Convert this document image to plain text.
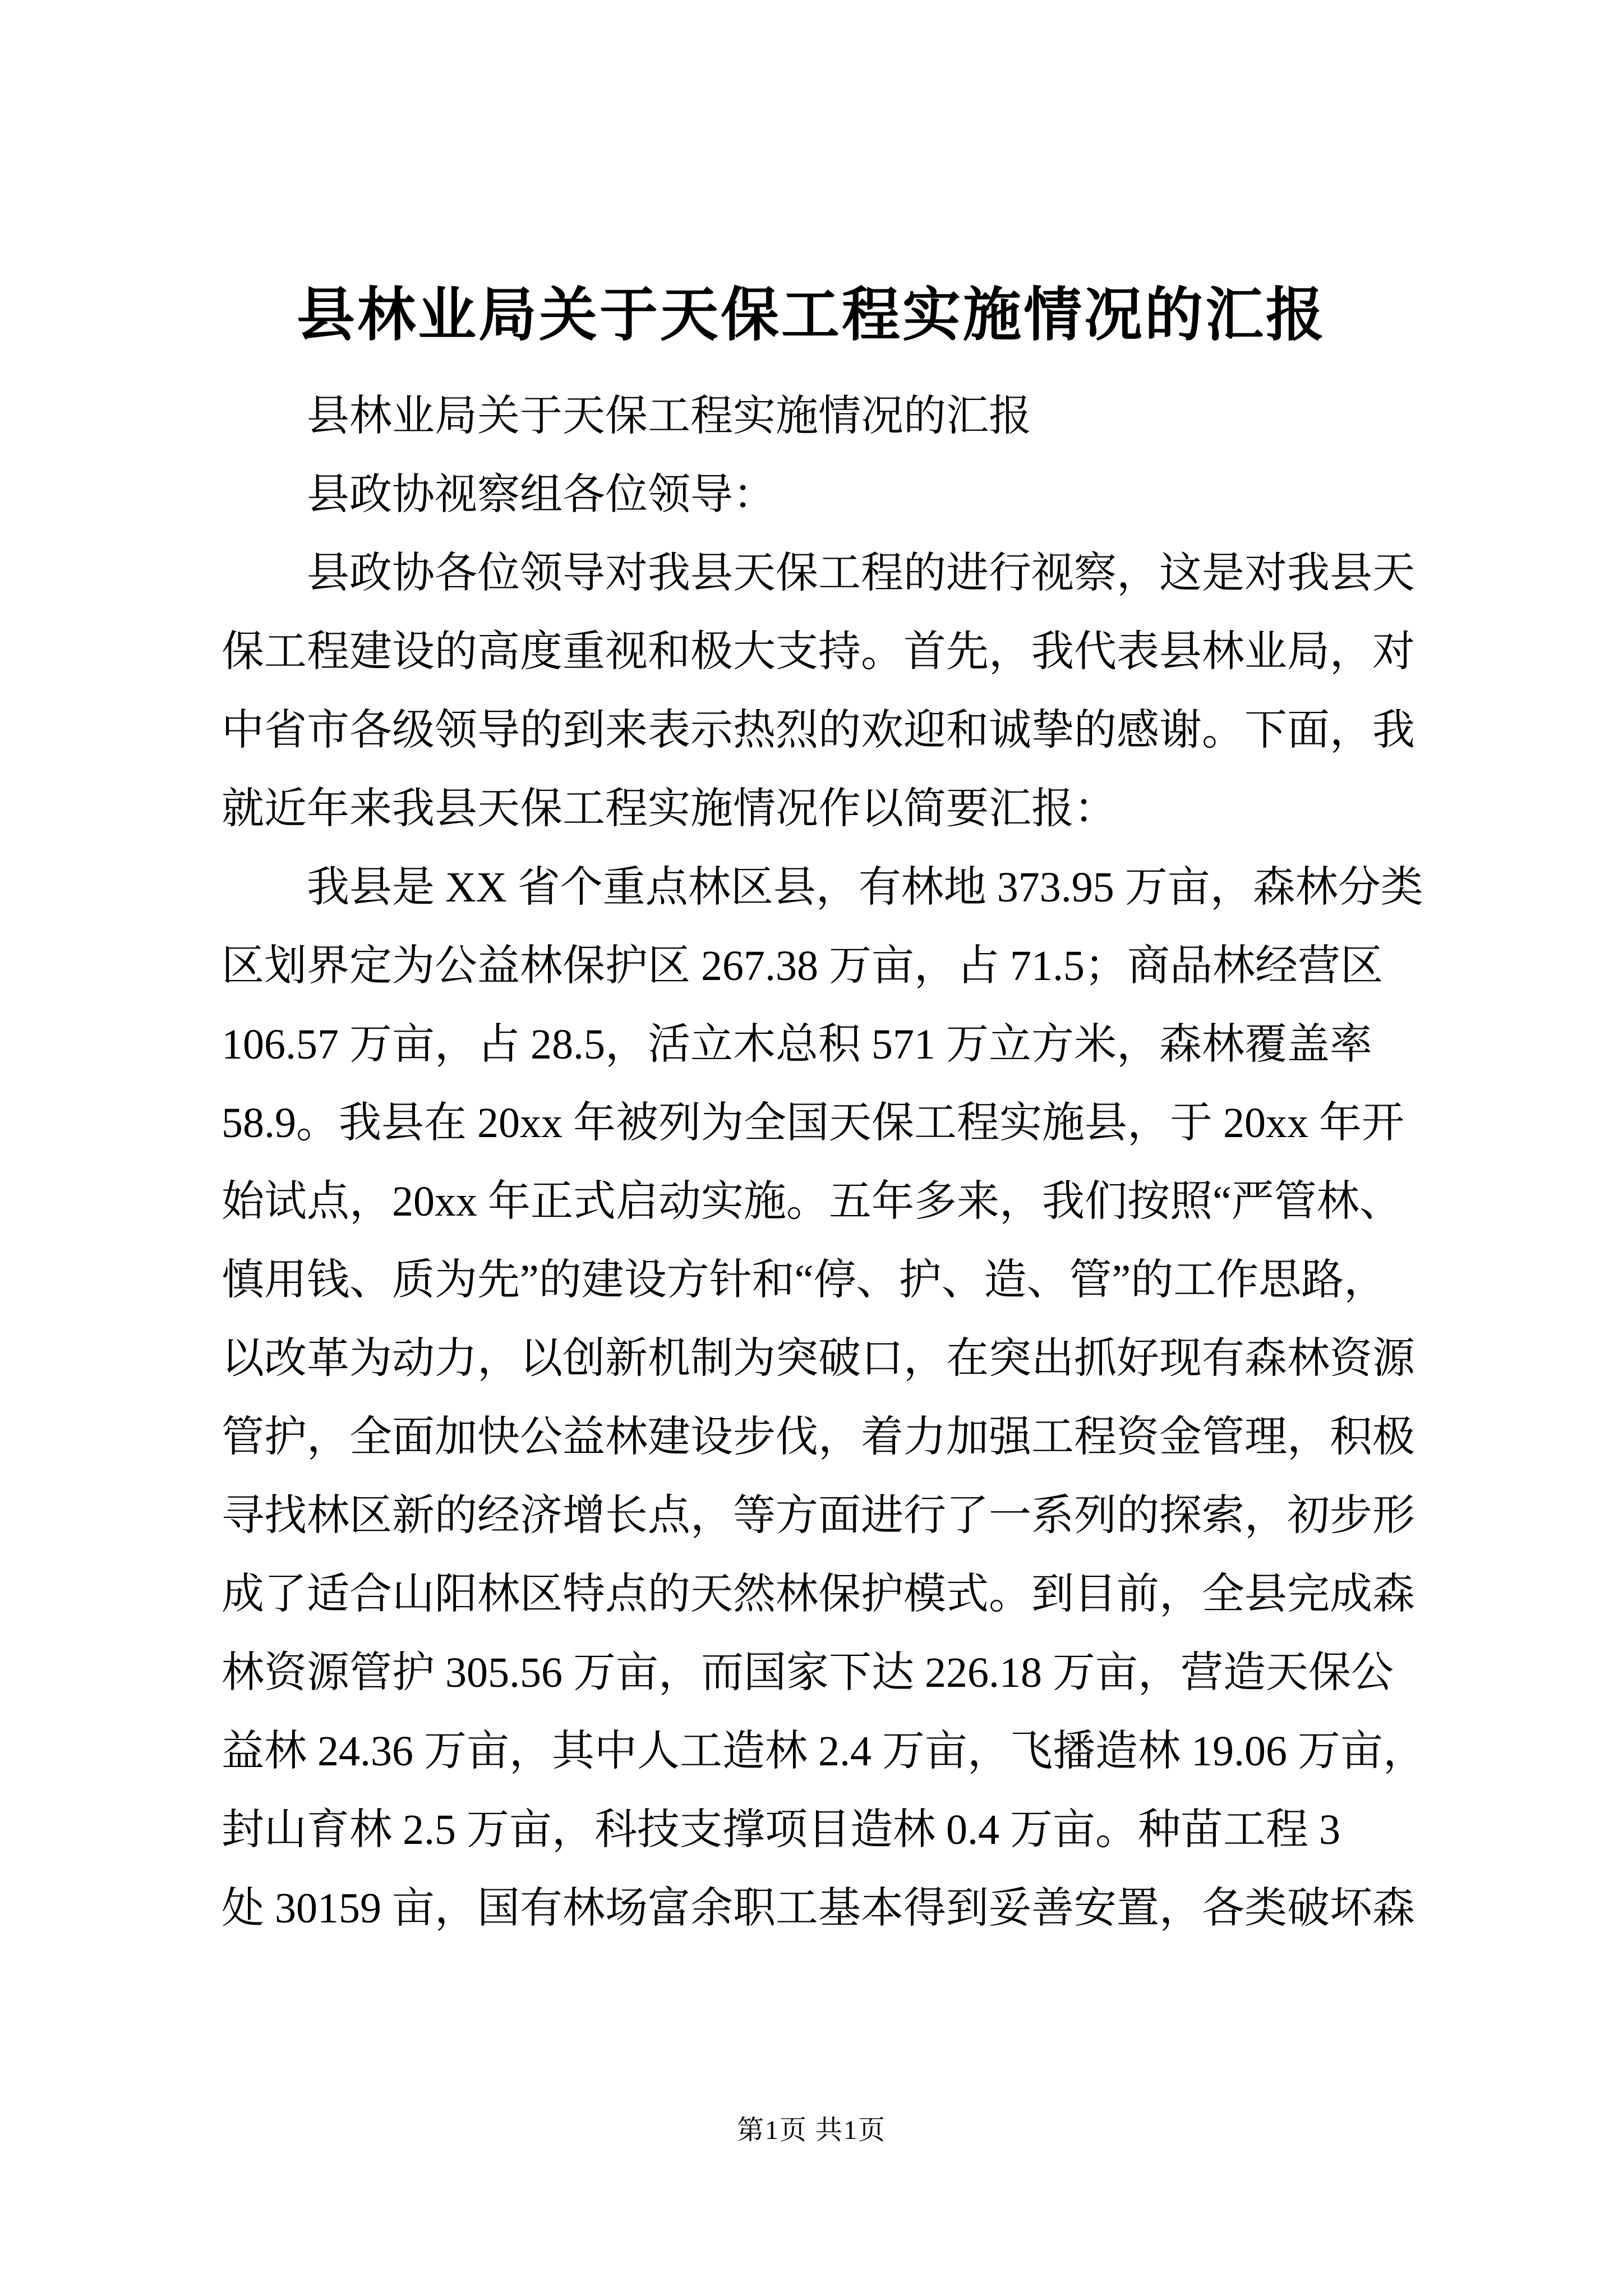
县林业局关于天保工程实施情况的汇报
县林业局关于天保工程实施情况的汇报
县政协视察组各位领导：
县政协各位领导对我县天保工程的进行视察，这是对我县天
保工程建设的高度重视和极大支持。首先，我代表县林业局，对
中省市各级领导的到来表示热烈的欢迎和诚挚的感谢。下面，我
就近年来我县天保工程实施情况作以简要汇报：
我县是 XX 省个重点林区县，有林地 373.95 万亩，森林分类
区划界定为公益林保护区 267.38 万亩，占 71.5；商品林经营区
106.57 万亩，占 28.5，活立木总积 571 万立方米，森林覆盖率
58.9。我县在 20xx 年被列为全国天保工程实施县，于 20xx 年开
始试点，20xx 年正式启动实施。五年多来，我们按照“严管林、
慎用钱、质为先”的建设方针和“停、护、造、管”的工作思路，
以改革为动力，以创新机制为突破口，在突出抓好现有森林资源
管护，全面加快公益林建设步伐，着力加强工程资金管理，积极
寻找林区新的经济增长点，等方面进行了一系列的探索，初步形
成了适合山阳林区特点的天然林保护模式。到目前，全县完成森
林资源管护 305.56 万亩，而国家下达 226.18 万亩，营造天保公
益林 24.36 万亩，其中人工造林 2.4 万亩，飞播造林 19.06 万亩，
封山育林 2.5 万亩，科技支撑项目造林 0.4 万亩。种苗工程 3
处 30159 亩，国有林场富余职工基本得到妥善安置，各类破坏森
第1页 共1页
